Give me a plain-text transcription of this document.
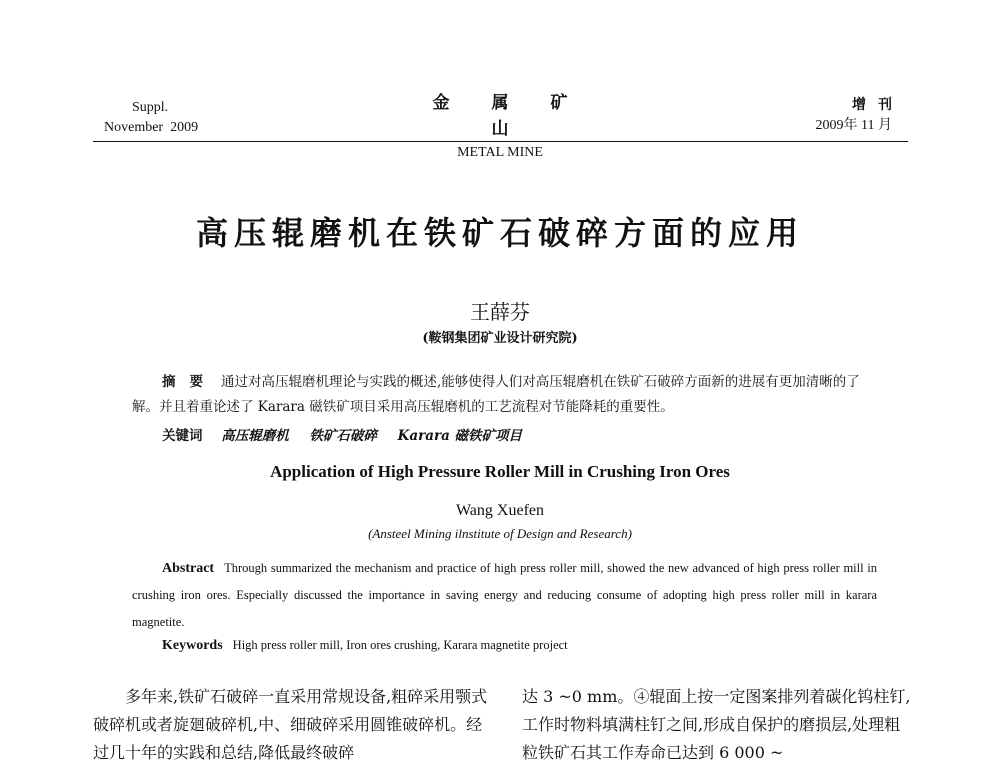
Suppl.
November  2009
金属矿山
METAL MINE
增刊
2009年 11 月
高压辊磨机在铁矿石破碎方面的应用
王薛芬
(鞍钢集团矿业设计研究院)
摘要 通过对高压辊磨机理论与实践的概述,能够使得人们对高压辊磨机在铁矿石破碎方面新的进展有更加清晰的了解。并且着重论述了 Karara 磁铁矿项目采用高压辊磨机的工艺流程对节能降耗的重要性。
关键词 高压辊磨机 铁矿石破碎 Karara 磁铁矿项目
Application of High Pressure Roller Mill in Crushing Iron Ores
Wang Xuefen
(Ansteel Mining ilnstitute of Design and Research)
Abstract Through summarized the mechanism and practice of high press roller mill, showed the new advanced of high press roller mill in crushing iron ores. Especially discussed the importance in saving energy and reducing consume of adopting high press roller mill in karara magnetite.
Keywords High press roller mill, Iron ores crushing, Karara magnetite project

多年来,铁矿石破碎一直采用常规设备,粗碎采用颚式破碎机或者旋廻破碎机,中、细破碎采用圆锥破碎机。经过几十年的实践和总结,降低最终破碎

达 3 ~0 mm。④辊面上按一定图案排列着碳化钨柱钉,工作时物料填满柱钉之间,形成自保护的磨损层,处理粗粒铁矿石其工作寿命已达到 6 000 ~
